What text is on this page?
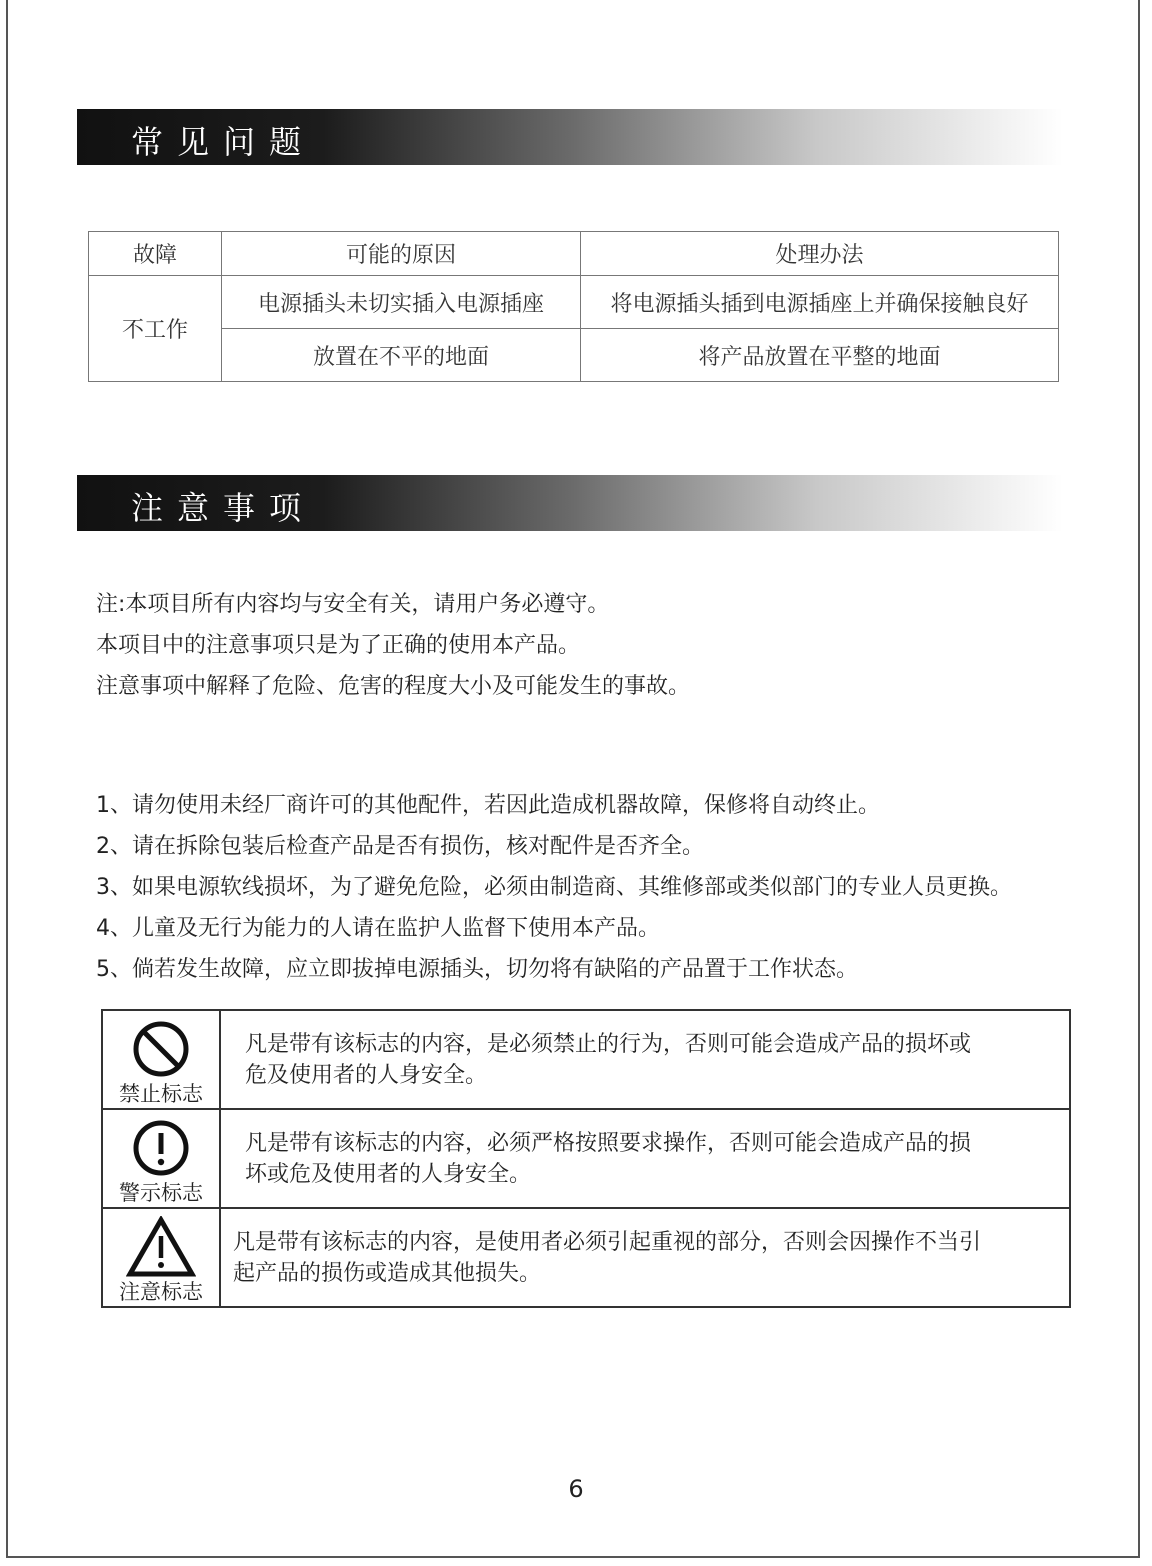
常见问题
故障	可能的原因	处理办法
不工作	电源插头未切实插入电源插座	将电源插头插到电源插座上并确保接触良好
	放置在不平的地面	将产品放置在平整的地面
注意事项
注:本项目所有内容均与安全有关，请用户务必遵守。
本项目中的注意事项只是为了正确的使用本产品。
注意事项中解释了危险、危害的程度大小及可能发生的事故。
1、请勿使用未经厂商许可的其他配件，若因此造成机器故障，保修将自动终止。
2、请在拆除包装后检查产品是否有损伤，核对配件是否齐全。
3、如果电源软线损坏，为了避免危险，必须由制造商、其维修部或类似部门的专业人员更换。
4、儿童及无行为能力的人请在监护人监督下使用本产品。
5、倘若发生故障，应立即拔掉电源插头，切勿将有缺陷的产品置于工作状态。
禁止标志	凡是带有该标志的内容，是必须禁止的行为，否则可能会造成产品的损坏或
危及使用者的人身安全。

警示标志	凡是带有该标志的内容，必须严格按照要求操作，否则可能会造成产品的损
坏或危及使用者的人身安全。

注意标志	凡是带有该标志的内容，是使用者必须引起重视的部分，否则会因操作不当引
起产品的损伤或造成其他损失。
6
